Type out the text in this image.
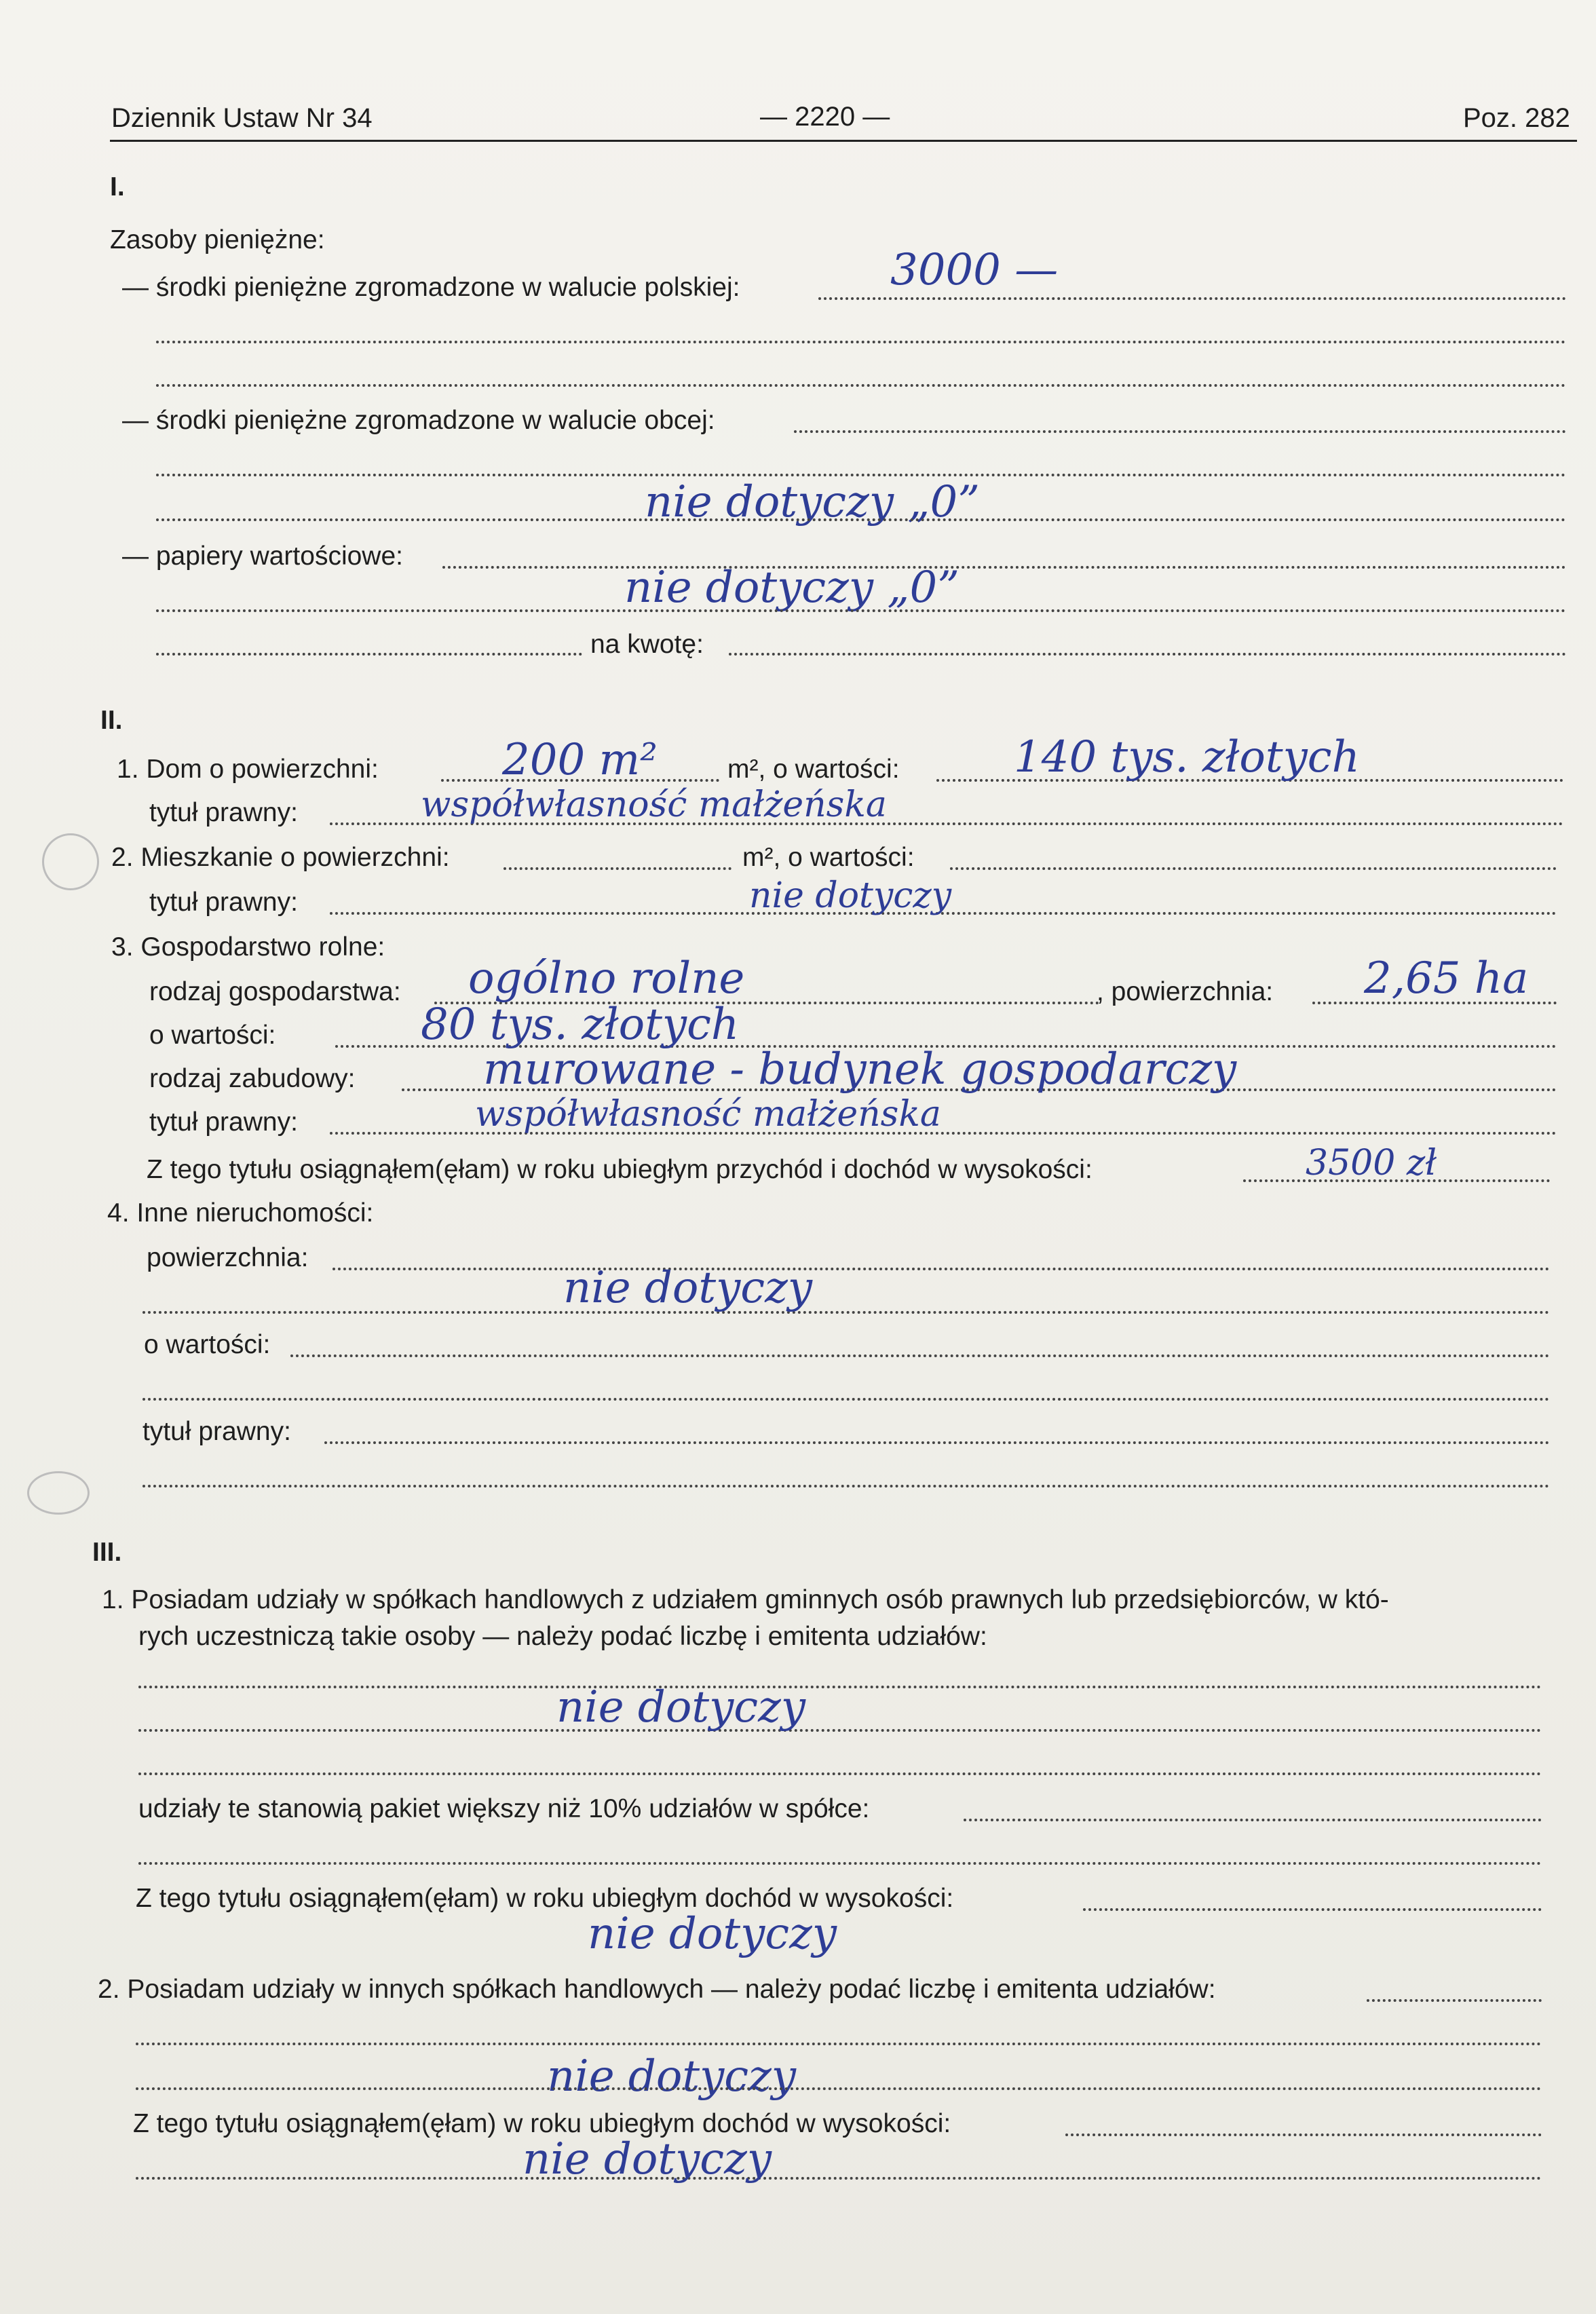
Dziennik Ustaw Nr 34	— 2220 —	Poz. 282
I.
Zasoby pieniężne:
— środki pieniężne zgromadzone w walucie polskiej:	3000 —
— środki pieniężne zgromadzone w walucie obcej:
nie dotyczy „0”
— papiery wartościowe:
nie dotyczy „0”
na kwotę:
II.
1. Dom o powierzchni:	200 m²	m², o wartości:	140 tys. złotych
tytuł prawny:	współwłasność małżeńska
2. Mieszkanie o powierzchni:	m², o wartości:
tytuł prawny:	nie dotyczy
3. Gospodarstwo rolne:
rodzaj gospodarstwa: ogólno rolne	, powierzchnia: 2,65 ha
o wartości:	80 tys. złotych
rodzaj zabudowy:	murowane - budynek gospodarczy
tytuł prawny:	współwłasność małżeńska
Z tego tytułu osiągnąłem(ęłam) w roku ubiegłym przychód i dochód w wysokości:	3500 zł
4. Inne nieruchomości:
powierzchnia:
nie dotyczy
o wartości:
tytuł prawny:
III.
1. Posiadam udziały w spółkach handlowych z udziałem gminnych osób prawnych lub przedsiębiorców, w któ-
rych uczestniczą takie osoby — należy podać liczbę i emitenta udziałów:
nie dotyczy
udziały te stanowią pakiet większy niż 10% udziałów w spółce:
Z tego tytułu osiągnąłem(ęłam) w roku ubiegłym dochód w wysokości:
nie dotyczy
2. Posiadam udziały w innych spółkach handlowych — należy podać liczbę i emitenta udziałów:
nie dotyczy
Z tego tytułu osiągnąłem(ęłam) w roku ubiegłym dochód w wysokości:
nie dotyczy
